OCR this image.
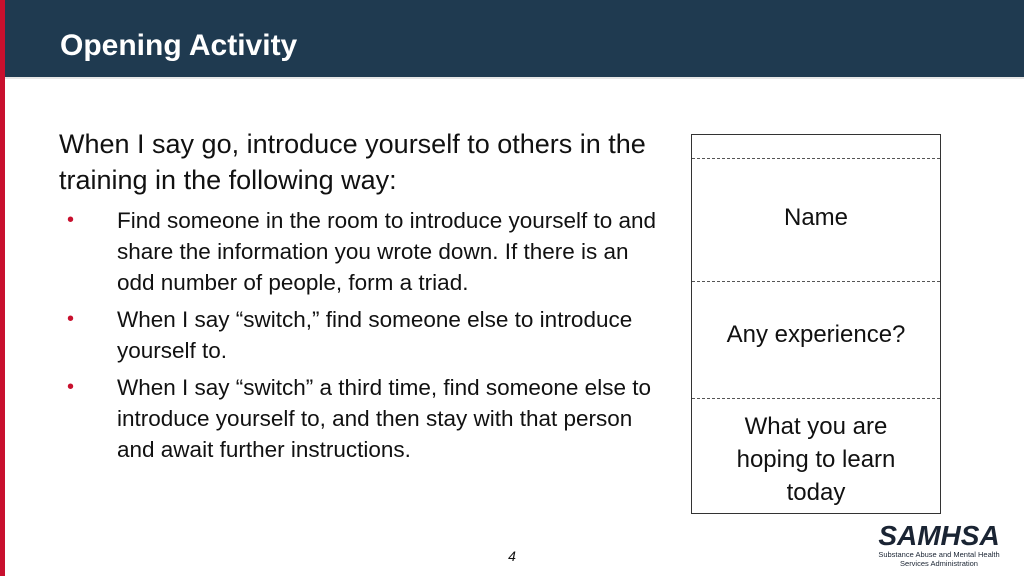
Opening Activity
When I say go, introduce yourself to others in the training in the following way:
• Find someone in the room to introduce yourself to and share the information you wrote down. If there is an odd number of people, form a triad.
• When I say “switch,” find someone else to introduce yourself to.
• When I say “switch” a third time, find someone else to introduce yourself to, and then stay with that person and await further instructions.
Name
Any experience?
What you are hoping to learn today
4
SAMHSA
Substance Abuse and Mental Health Services Administration
